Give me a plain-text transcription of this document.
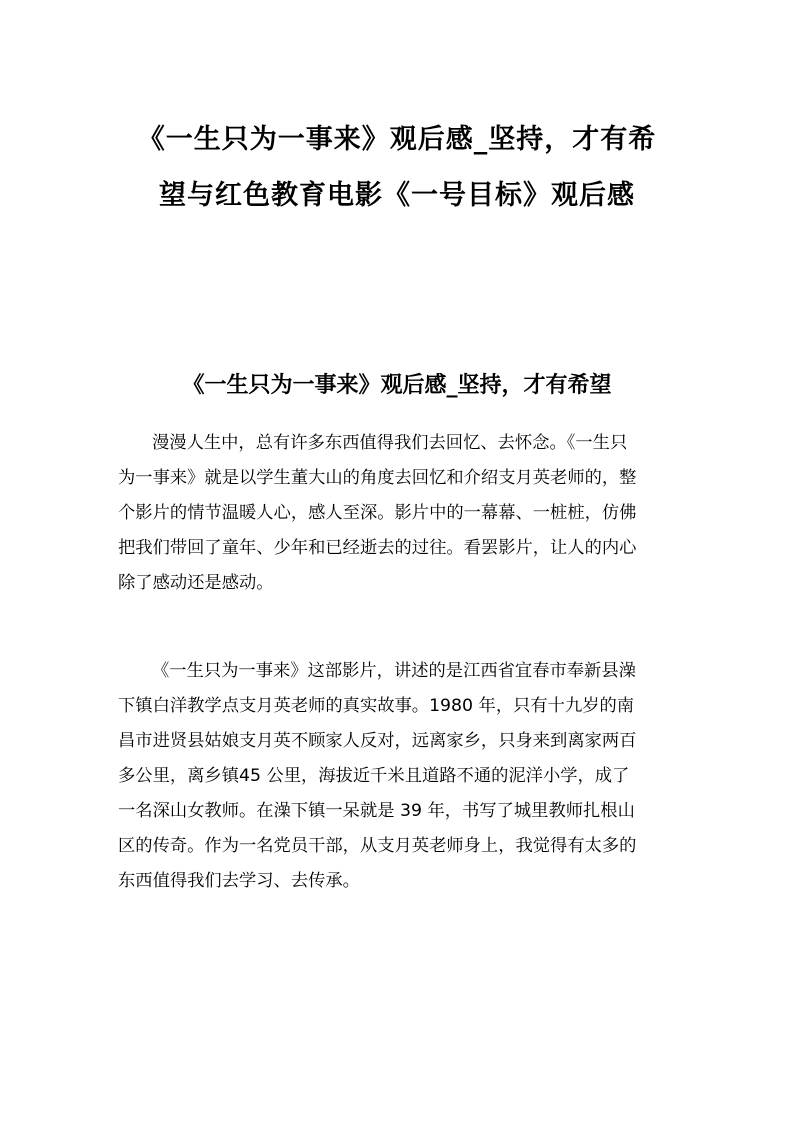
《一生只为一事来》观后感_坚持，才有希
望与红色教育电影《一号目标》观后感
《一生只为一事来》观后感_坚持，才有希望

漫漫人生中，总有许多东西值得我们去回忆、去怀念。《一生只
为一事来》就是以学生董大山的角度去回忆和介绍支月英老师的，整
个影片的情节温暖人心，感人至深。影片中的一幕幕、一桩桩，仿佛
把我们带回了童年、少年和已经逝去的过往。看罢影片，让人的内心
除了感动还是感动。

《一生只为一事来》这部影片，讲述的是江西省宜春市奉新县澡
下镇白洋教学点支月英老师的真实故事。1980 年，只有十九岁的南
昌市进贤县姑娘支月英不顾家人反对，远离家乡，只身来到离家两百
多公里，离乡镇45 公里，海拔近千米且道路不通的泥洋小学，成了
一名深山女教师。在澡下镇一呆就是 39 年，书写了城里教师扎根山
区的传奇。作为一名党员干部，从支月英老师身上，我觉得有太多的
东西值得我们去学习、去传承。
